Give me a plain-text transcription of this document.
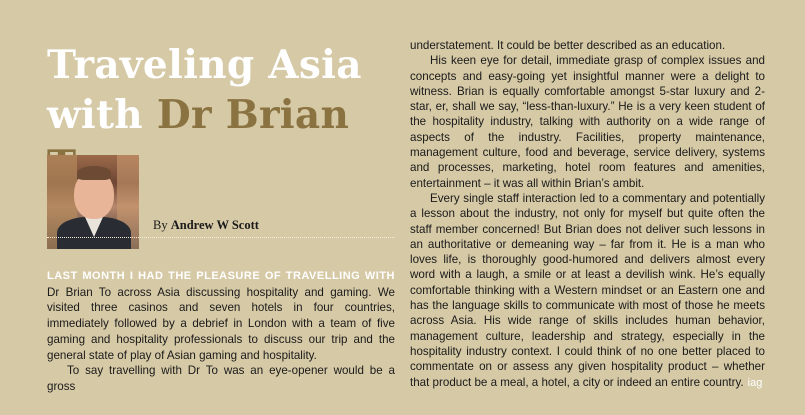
Traveling Asia
with Dr Brian
By Andrew W Scott

LAST MONTH I HAD THE PLEASURE OF TRAVELLING WITH Dr Brian To across Asia discussing hospitality and gaming. We visited three casinos and seven hotels in four countries, immediately followed by a debrief in London with a team of five gaming and hospitality professionals to discuss our trip and the general state of play of Asian gaming and hospitality.

To say travelling with Dr To was an eye-opener would be a gross

understatement. It could be better described as an education.

His keen eye for detail, immediate grasp of complex issues and concepts and easy-going yet insightful manner were a delight to witness. Brian is equally comfortable amongst 5-star luxury and 2-star, er, shall we say, “less-than-luxury.” He is a very keen student of the hospitality industry, talking with authority on a wide range of aspects of the industry. Facilities, property maintenance, management culture, food and beverage, service delivery, systems and processes, marketing, hotel room features and amenities, entertainment – it was all within Brian’s ambit.

Every single staff interaction led to a commentary and potentially a lesson about the industry, not only for myself but quite often the staff member concerned! But Brian does not deliver such lessons in an authoritative or demeaning way – far from it. He is a man who loves life, is thoroughly good-humored and delivers almost every word with a laugh, a smile or at least a devilish wink. He’s equally comfortable thinking with a Western mindset or an Eastern one and has the language skills to communicate with most of those he meets across Asia. His wide range of skills includes human behavior, management culture, leadership and strategy, especially in the hospitality industry context. I could think of no one better placed to commentate on or assess any given hospitality product – whether that product be a meal, a hotel, a city or indeed an entire country. iag
